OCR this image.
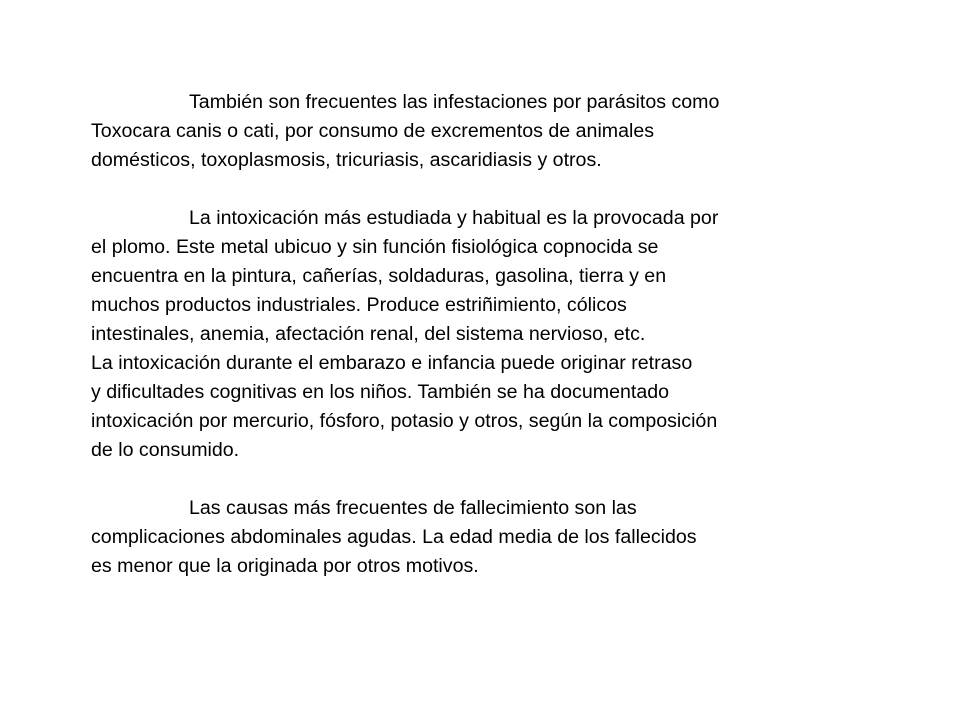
También son frecuentes las infestaciones por parásitos como
Toxocara canis o cati, por consumo de excrementos de animales
domésticos, toxoplasmosis, tricuriasis, ascaridiasis y otros.
La intoxicación más estudiada y habitual es la provocada por
el plomo. Este metal ubicuo y sin función fisiológica copnocida se
encuentra en la pintura, cañerías, soldaduras, gasolina, tierra y en
muchos productos industriales. Produce estriñimiento, cólicos
intestinales, anemia, afectación renal, del sistema nervioso, etc.
La intoxicación durante el embarazo e infancia puede originar retraso
y dificultades cognitivas en los niños. También se ha documentado
intoxicación por mercurio, fósforo, potasio y otros, según la composición
de lo consumido.
Las causas más frecuentes de fallecimiento son las
complicaciones abdominales agudas. La edad media de los fallecidos
es menor que la originada por otros motivos.
